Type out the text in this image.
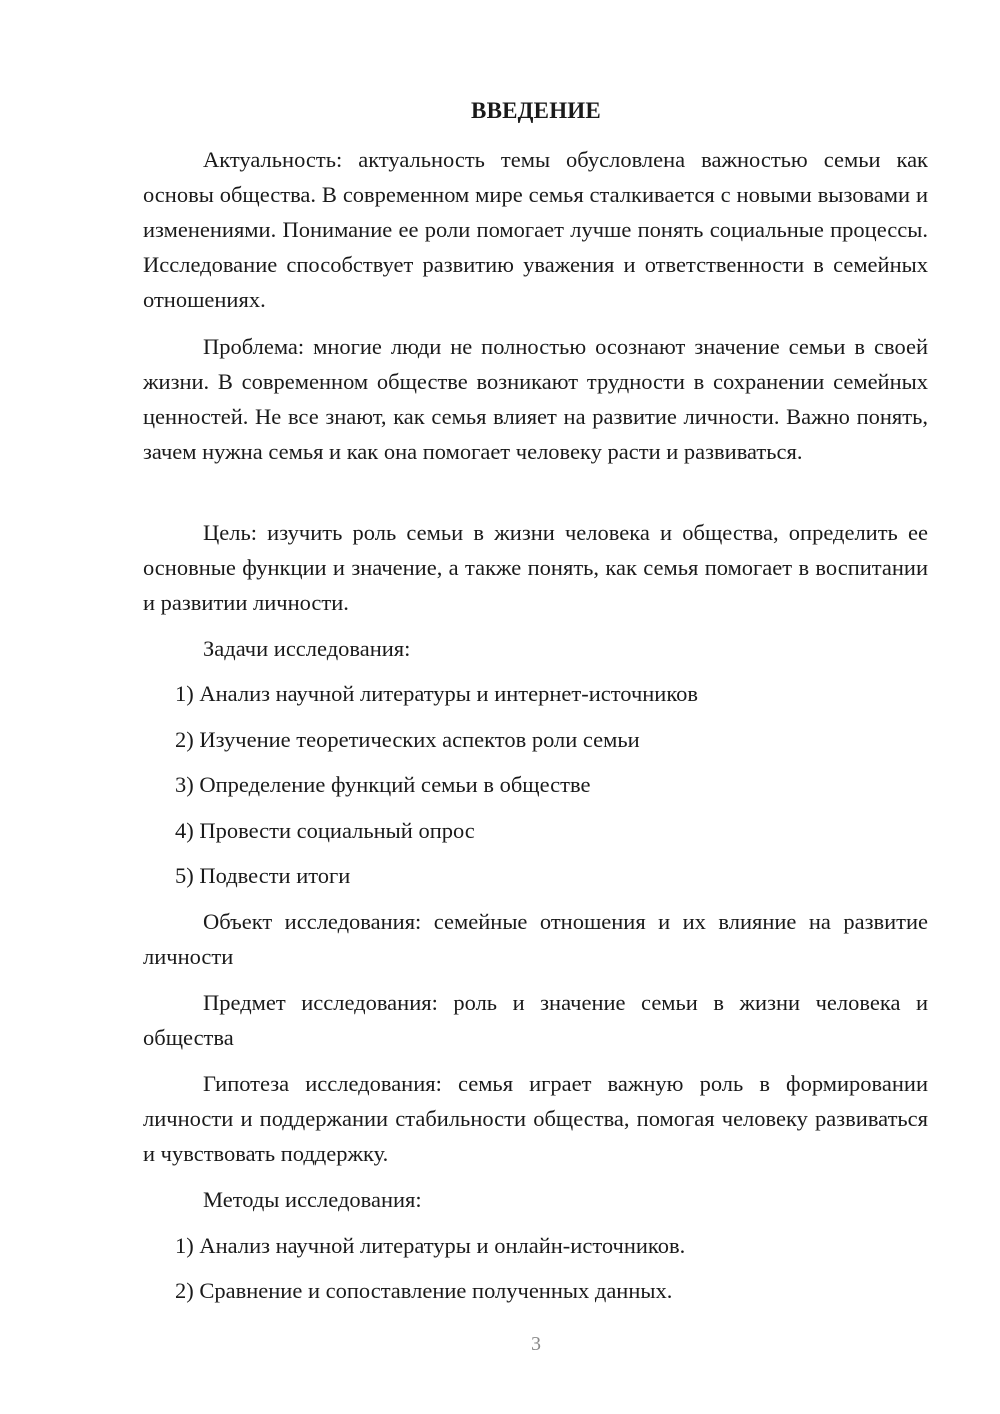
ВВЕДЕНИЕ

Актуальность: актуальность темы обусловлена важностью семьи как основы общества. В современном мире семья сталкивается с новыми вызовами и изменениями. Понимание ее роли помогает лучше понять социальные процессы. Исследование способствует развитию уважения и ответственности в семейных отношениях.

Проблема: многие люди не полностью осознают значение семьи в своей жизни. В современном обществе возникают трудности в сохранении семейных ценностей. Не все знают, как семья влияет на развитие личности. Важно понять, зачем нужна семья и как она помогает человеку расти и развиваться.

Цель: изучить роль семьи в жизни человека и общества, определить ее основные функции и значение, а также понять, как семья помогает в воспитании и развитии личности.

Задачи исследования:
1) Анализ научной литературы и интернет-источников
2) Изучение теоретических аспектов роли семьи
3) Определение функций семьи в обществе
4) Провести социальный опрос
5) Подвести итоги

Объект исследования: семейные отношения и их влияние на развитие личности

Предмет исследования: роль и значение семьи в жизни человека и общества

Гипотеза исследования: семья играет важную роль в формировании личности и поддержании стабильности общества, помогая человеку развиваться и чувствовать поддержку.

Методы исследования:
1) Анализ научной литературы и онлайн-источников.
2) Сравнение и сопоставление полученных данных.
3
